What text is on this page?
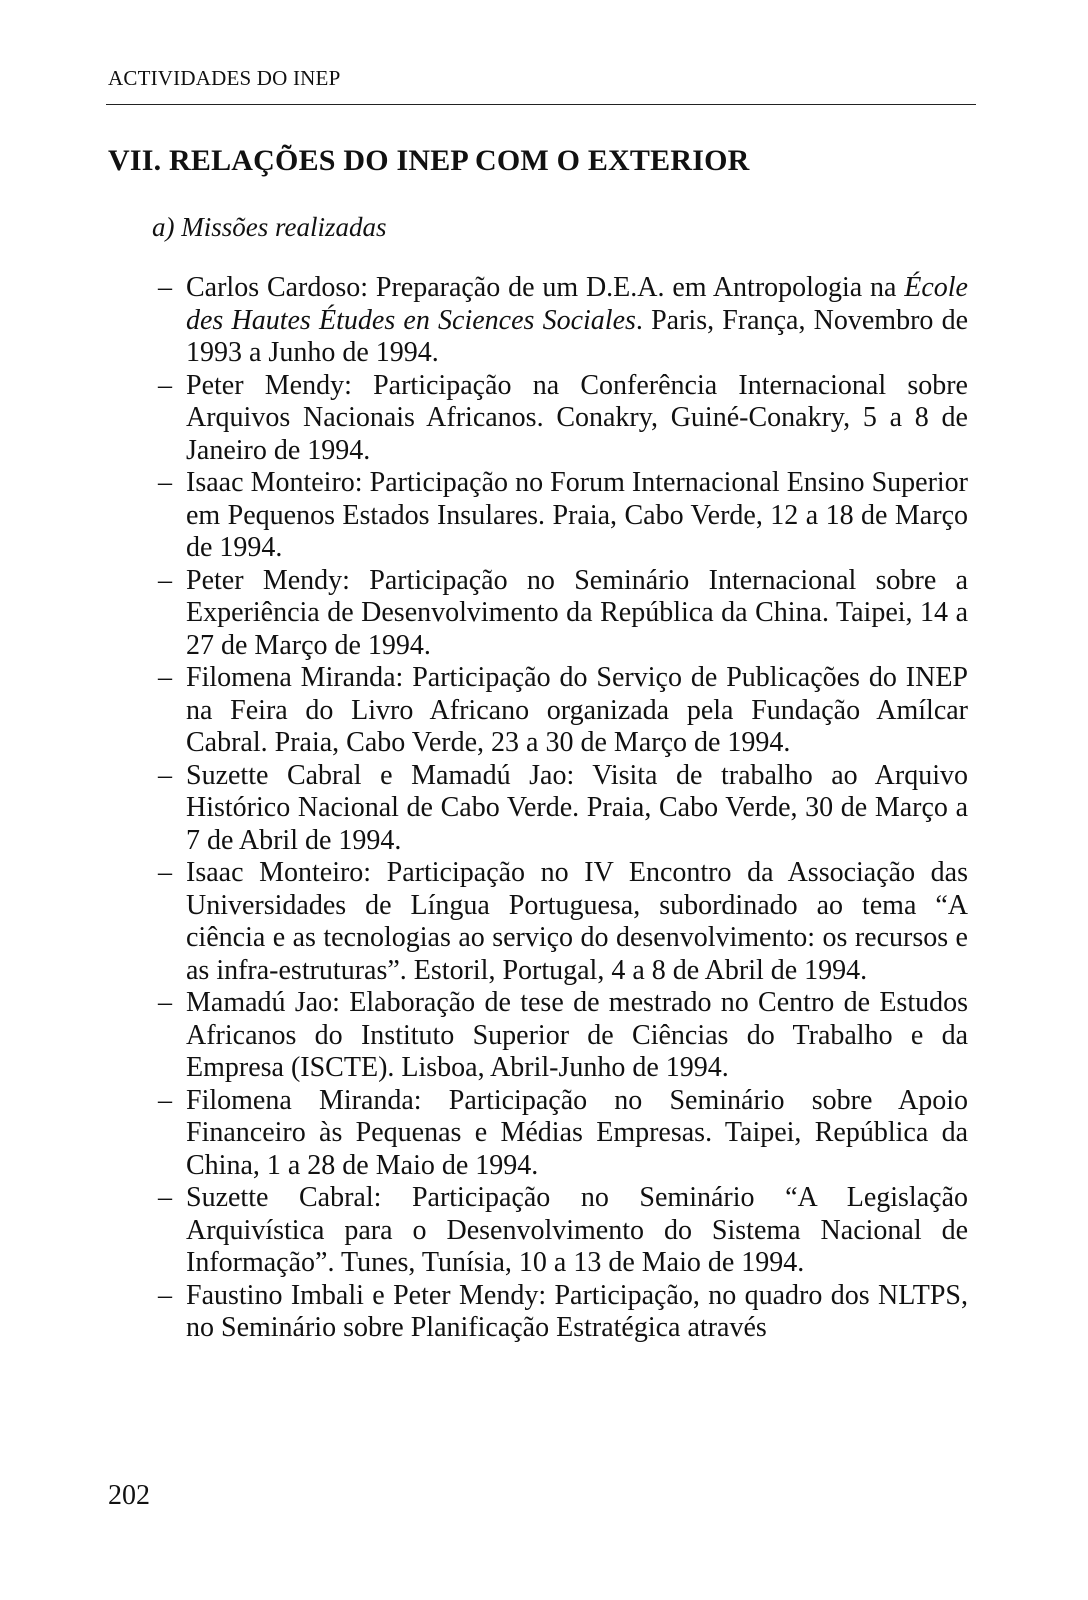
ACTIVIDADES DO INEP
VII. RELAÇÕES DO INEP COM O EXTERIOR
a) Missões realizadas
– Carlos Cardoso: Preparação de um D.E.A. em Antropologia na École des Hautes Études en Sciences Sociales. Paris, França, Novembro de 1993 a Junho de 1994.
– Peter Mendy: Participação na Conferência Internacional sobre Arquivos Nacionais Africanos. Conakry, Guiné-Conakry, 5 a 8 de Janeiro de 1994.
– Isaac Monteiro: Participação no Forum Internacional Ensino Superior em Pequenos Estados Insulares. Praia, Cabo Verde, 12 a 18 de Março de 1994.
– Peter Mendy: Participação no Seminário Internacional sobre a Experiência de Desenvolvimento da República da China. Taipei, 14 a 27 de Março de 1994.
– Filomena Miranda: Participação do Serviço de Publicações do INEP na Feira do Livro Africano organizada pela Fundação Amílcar Cabral. Praia, Cabo Verde, 23 a 30 de Março de 1994.
– Suzette Cabral e Mamadú Jao: Visita de trabalho ao Arquivo Histórico Nacional de Cabo Verde. Praia, Cabo Verde, 30 de Março a 7 de Abril de 1994.
– Isaac Monteiro: Participação no IV Encontro da Associação das Universidades de Língua Portuguesa, subordinado ao tema “A ciência e as tecnologias ao serviço do desenvolvimento: os recursos e as infra-estruturas”. Estoril, Portugal, 4 a 8 de Abril de 1994.
– Mamadú Jao: Elaboração de tese de mestrado no Centro de Estudos Africanos do Instituto Superior de Ciências do Trabalho e da Empresa (ISCTE). Lisboa, Abril-Junho de 1994.
– Filomena Miranda: Participação no Seminário sobre Apoio Financeiro às Pequenas e Médias Empresas. Taipei, República da China, 1 a 28 de Maio de 1994.
– Suzette Cabral: Participação no Seminário “A Legislação Arquivística para o Desenvolvimento do Sistema Nacional de Informação”. Tunes, Tunísia, 10 a 13 de Maio de 1994.
– Faustino Imbali e Peter Mendy: Participação, no quadro dos NLTPS, no Seminário sobre Planificação Estratégica através
202
